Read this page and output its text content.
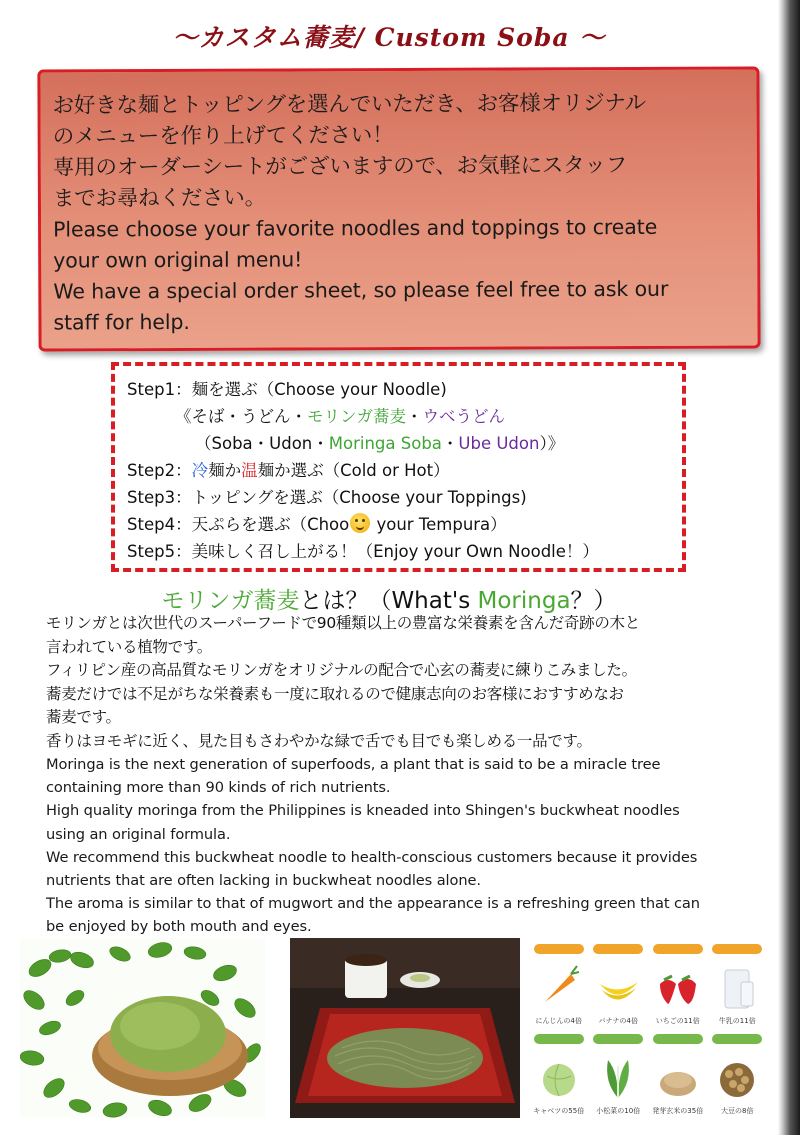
～カスタム蕎麦/ Custom Soba ～
お好きな麺とトッピングを選んでいただき、お客様オリジナル
のメニューを作り上げてください！
専用のオーダーシートがございますので、お気軽にスタッフ
までお尋ねください。
Please choose your favorite noodles and toppings to create
your own original menu!
We have a special order sheet, so please feel free to ask our
staff for help.
Step1：麺を選ぶ（Choose your Noodle)
《そば・うどん・モリンガ蕎麦・ウベうどん
（Soba・Udon・Moringa Soba・Ube Udon）》
Step2：冷麺か温麺か選ぶ（Cold or Hot）
Step3：トッピングを選ぶ（Choose your Toppings)
Step4：天ぷらを選ぶ（Choo your Tempura）
Step5：美味しく召し上がる！（Enjoy your Own Noodle！）
モリンガ蕎麦とは？（What's Moringa？）
モリンガとは次世代のスーパーフードで90種類以上の豊富な栄養素を含んだ奇跡の木と
言われている植物です。
フィリピン産の高品質なモリンガをオリジナルの配合で心玄の蕎麦に練りこみました。
蕎麦だけでは不足がちな栄養素も一度に取れるので健康志向のお客様におすすめなお
蕎麦です。
香りはヨモギに近く、見た目もさわやかな緑で舌でも目でも楽しめる一品です。
Moringa is the next generation of superfoods, a plant that is said to be a miracle tree
containing more than 90 kinds of rich nutrients.
High quality moringa from the Philippines is kneaded into Shingen's buckwheat noodles
using an original formula.
We recommend this buckwheat noodle to health-conscious customers because it provides
nutrients that are often lacking in buckwheat noodles alone.
The aroma is similar to that of mugwort and the appearance is a refreshing green that can
be enjoyed by both mouth and eyes.
にんじんの4倍 バナナの4倍	いちごの11倍	牛乳の11倍
キャベツの55倍 小松菜の10倍 発芽玄米の35倍	大豆の8倍
